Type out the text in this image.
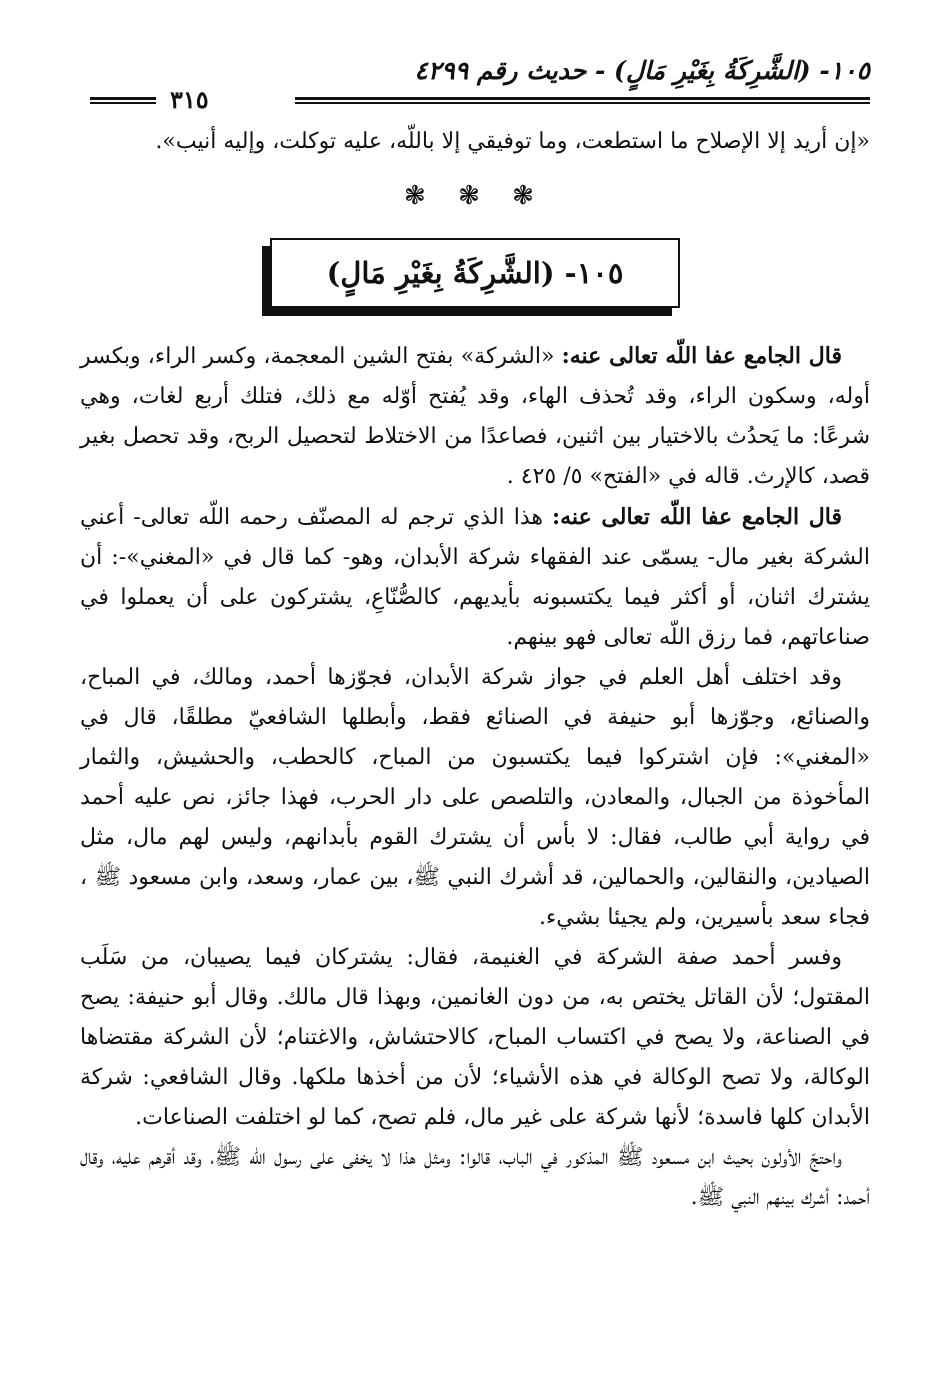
١٠٥- (الشَّرِكَةُ بِغَيْرِ مَالٍ) - حديث رقم ٤٢٩٩
٣١٥

«إن أريد إلا الإصلاح ما استطعت، وما توفيقي إلا باللّه، عليه توكلت، وإليه أنيب».

❃ ❃ ❃
١٠٥- (الشَّرِكَةُ بِغَيْرِ مَالٍ)

قال الجامع عفا اللّه تعالى عنه: «الشركة» بفتح الشين المعجمة، وكسر الراء، وبكسر أوله، وسكون الراء، وقد تُحذف الهاء، وقد يُفتح أوّله مع ذلك، فتلك أربع لغات، وهي شرعًا: ما يَحدُث بالاختيار بين اثنين، فصاعدًا من الاختلاط لتحصيل الربح، وقد تحصل بغير قصد، كالإرث. قاله في «الفتح» ٥/ ٤٢٥ .

قال الجامع عفا اللّه تعالى عنه: هذا الذي ترجم له المصنّف رحمه اللّه تعالى- أعني الشركة بغير مال- يسمّى عند الفقهاء شركة الأبدان، وهو- كما قال في «المغني»-: أن يشترك اثنان، أو أكثر فيما يكتسبونه بأيديهم، كالصُّنّاعِ، يشتركون على أن يعملوا في صناعاتهم، فما رزق اللّه تعالى فهو بينهم.

وقد اختلف أهل العلم في جواز شركة الأبدان، فجوّزها أحمد، ومالك، في المباح، والصنائع، وجوّزها أبو حنيفة في الصنائع فقط، وأبطلها الشافعيّ مطلقًا، قال في «المغني»: فإن اشتركوا فيما يكتسبون من المباح، كالحطب، والحشيش، والثمار المأخوذة من الجبال، والمعادن، والتلصص على دار الحرب، فهذا جائز، نص عليه أحمد في رواية أبي طالب، فقال: لا بأس أن يشترك القوم بأبدانهم، وليس لهم مال، مثل الصيادين، والنقالين، والحمالين، قد أشرك النبي ﷺ، بين عمار، وسعد، وابن مسعود ﷺ ، فجاء سعد بأسيرين، ولم يجيئا بشيء.

وفسر أحمد صفة الشركة في الغنيمة، فقال: يشتركان فيما يصيبان، من سَلَب المقتول؛ لأن القاتل يختص به، من دون الغانمين، وبهذا قال مالك. وقال أبو حنيفة: يصح في الصناعة، ولا يصح في اكتساب المباح، كالاحتشاش، والاغتنام؛ لأن الشركة مقتضاها الوكالة، ولا تصح الوكالة في هذه الأشياء؛ لأن من أخذها ملكها. وقال الشافعي: شركة الأبدان كلها فاسدة؛ لأنها شركة على غير مال، فلم تصح، كما لو اختلفت الصناعات.

واحتجّ الأولون بحيث ابن مسعود ﷺ المذكور في الباب، قالوا: ومثل هذا لا يخفى على رسول اللّه ﷺ، وقد أقرهم عليه، وقال أحمد: أشرك بينهم النبي ﷺ.
